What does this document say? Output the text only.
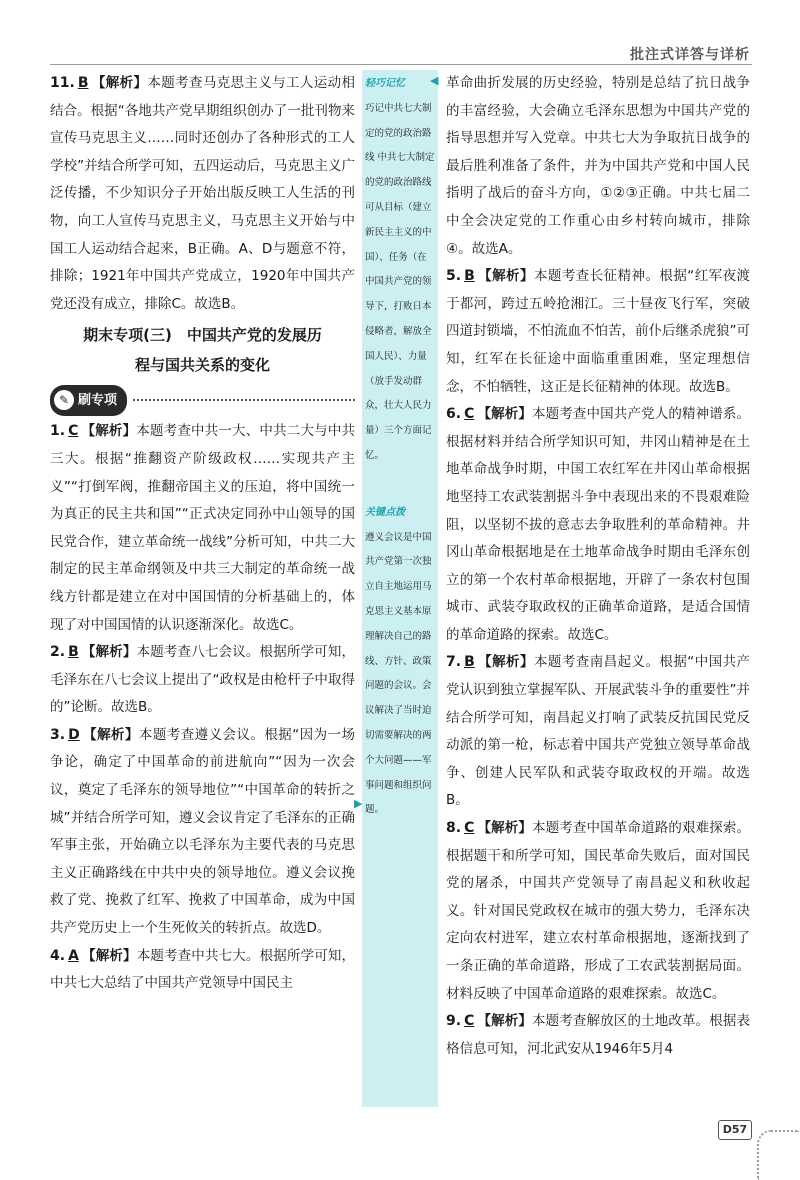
批注式详答与详析

11. B 【解析】本题考查马克思主义与工人运动相结合。根据“各地共产党早期组织创办了一批刊物来宣传马克思主义……同时还创办了各种形式的工人学校”并结合所学可知，五四运动后，马克思主义广泛传播，不少知识分子开始出版反映工人生活的刊物，向工人宣传马克思主义，马克思主义开始与中国工人运动结合起来，B正确。A、D与题意不符，排除；1921年中国共产党成立，1920年中国共产党还没有成立，排除C。故选B。

期末专项(三)　中国共产党的发展历
程与国共关系的变化
✎ 刷专项

1. C 【解析】本题考查中共一大、中共二大与中共三大。根据“推翻资产阶级政权……实现共产主义”“打倒军阀，推翻帝国主义的压迫，将中国统一为真正的民主共和国”“正式决定同孙中山领导的国民党合作，建立革命统一战线”分析可知，中共二大制定的民主革命纲领及中共三大制定的革命统一战线方针都是建立在对中国国情的分析基础上的，体现了对中国国情的认识逐渐深化。故选C。

2. B 【解析】本题考查八七会议。根据所学可知，毛泽东在八七会议上提出了“政权是由枪杆子中取得的”论断。故选B。

3. D 【解析】本题考查遵义会议。根据“因为一场争论，确定了中国革命的前进航向”“因为一次会议，奠定了毛泽东的领导地位”“中国革命的转折之城”并结合所学可知，遵义会议肯定了毛泽东的正确军事主张，开始确立以毛泽东为主要代表的马克思主义正确路线在中共中央的领导地位。遵义会议挽救了党、挽救了红军、挽救了中国革命，成为中国共产党历史上一个生死攸关的转折点。故选D。

4. A 【解析】本题考查中共七大。根据所学可知，中共七大总结了中国共产党领导中国民主

轻巧记忆

巧记中共七大制定的党的政治路线 中共七大制定的党的政治路线可从目标（建立新民主主义的中国）、任务（在中国共产党的领导下，打败日本侵略者，解放全国人民）、力量（放手发动群众，壮大人民力量）三个方面记忆。

关键点拨

遵义会议是中国共产党第一次独立自主地运用马克思主义基本原理解决自己的路线、方针、政策问题的会议。会议解决了当时迫切需要解决的两个大问题——军事问题和组织问题。

◀
▶

革命曲折发展的历史经验，特别是总结了抗日战争的丰富经验，大会确立毛泽东思想为中国共产党的指导思想并写入党章。中共七大为争取抗日战争的最后胜利准备了条件，并为中国共产党和中国人民指明了战后的奋斗方向，①②③正确。中共七届二中全会决定党的工作重心由乡村转向城市，排除④。故选A。

5. B 【解析】本题考查长征精神。根据“红军夜渡于都河，跨过五岭抢湘江。三十昼夜飞行军，突破四道封锁墙，不怕流血不怕苦，前仆后继杀虎狼”可知，红军在长征途中面临重重困难，坚定理想信念，不怕牺牲，这正是长征精神的体现。故选B。

6. C 【解析】本题考查中国共产党人的精神谱系。根据材料并结合所学知识可知，井冈山精神是在土地革命战争时期，中国工农红军在井冈山革命根据地坚持工农武装割据斗争中表现出来的不畏艰难险阻，以坚韧不拔的意志去争取胜利的革命精神。井冈山革命根据地是在土地革命战争时期由毛泽东创立的第一个农村革命根据地，开辟了一条农村包围城市、武装夺取政权的正确革命道路，是适合国情的革命道路的探索。故选C。

7. B 【解析】本题考查南昌起义。根据“中国共产党认识到独立掌握军队、开展武装斗争的重要性”并结合所学可知，南昌起义打响了武装反抗国民党反动派的第一枪，标志着中国共产党独立领导革命战争、创建人民军队和武装夺取政权的开端。故选B。

8. C 【解析】本题考查中国革命道路的艰难探索。根据题干和所学可知，国民革命失败后，面对国民党的屠杀，中国共产党领导了南昌起义和秋收起义。针对国民党政权在城市的强大势力，毛泽东决定向农村进军，建立农村革命根据地，逐渐找到了一条正确的革命道路，形成了工农武装割据局面。材料反映了中国革命道路的艰难探索。故选C。

9. C 【解析】本题考查解放区的土地改革。根据表格信息可知，河北武安从1946年5月4

D57
